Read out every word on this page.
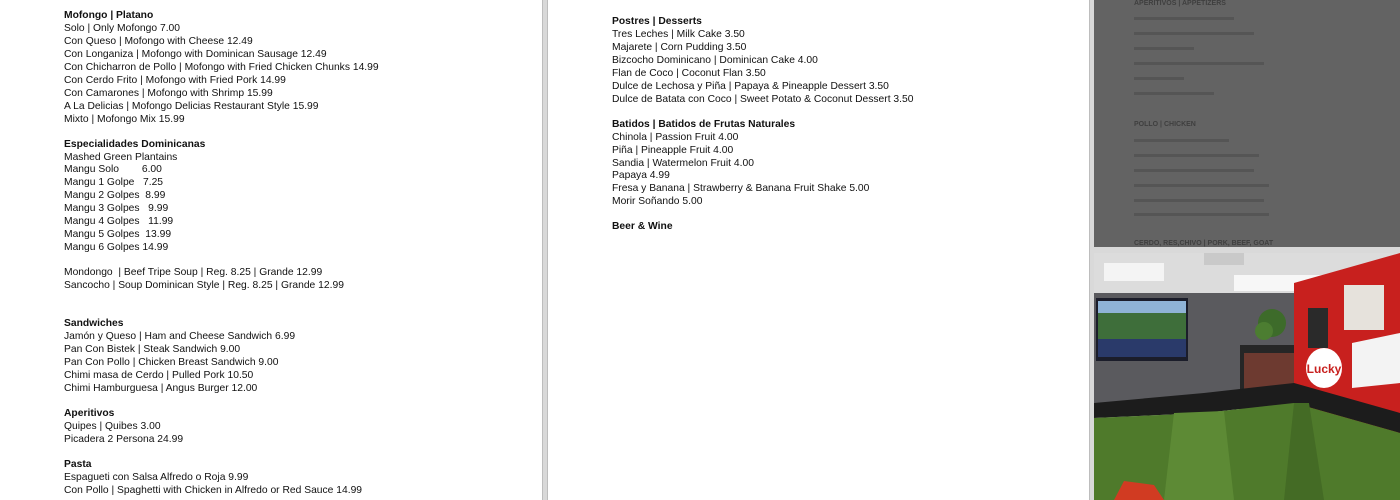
Mofongo | Platano
Solo | Only Mofongo 7.00
Con Queso | Mofongo with Cheese 12.49
Con Longaniza | Mofongo with Dominican Sausage 12.49
Con Chicharron de Pollo | Mofongo with Fried Chicken Chunks 14.99
Con Cerdo Frito | Mofongo with Fried Pork 14.99
Con Camarones | Mofongo with Shrimp 15.99
A La Delicias | Mofongo Delicias Restaurant Style 15.99
Mixto | Mofongo Mix 15.99
Especialidades Dominicanas
Mashed Green Plantains
Mangu Solo        6.00
Mangu 1 Golpe   7.25
Mangu 2 Golpes  8.99
Mangu 3 Golpes   9.99
Mangu 4 Golpes   11.99
Mangu 5 Golpes  13.99
Mangu 6 Golpes 14.99
Mondongo  | Beef Tripe Soup | Reg. 8.25 | Grande 12.99
Sancocho | Soup Dominican Style | Reg. 8.25 | Grande 12.99
Sandwiches
Jamón y Queso | Ham and Cheese Sandwich 6.99
Pan Con Bistek | Steak Sandwich 9.00
Pan Con Pollo | Chicken Breast Sandwich 9.00
Chimi masa de Cerdo | Pulled Pork 10.50
Chimi Hamburguesa | Angus Burger 12.00
Aperitivos
Quipes | Quibes 3.00
Picadera 2 Persona 24.99
Pasta
Espagueti con Salsa Alfredo o Roja 9.99
Con Pollo | Spaghetti with Chicken in Alfredo or Red Sauce 14.99
Postres | Desserts
Tres Leches | Milk Cake 3.50
Majarete | Corn Pudding 3.50
Bizcocho Dominicano | Dominican Cake 4.00
Flan de Coco | Coconut Flan 3.50
Dulce de Lechosa y Piña | Papaya & Pineapple Dessert 3.50
Dulce de Batata con Coco | Sweet Potato & Coconut Dessert 3.50
Batidos | Batidos de Frutas Naturales
Chinola | Passion Fruit 4.00
Piña | Pineapple Fruit 4.00
Sandia | Watermelon Fruit 4.00
Papaya 4.99
Fresa y Banana | Strawberry & Banana Fruit Shake 5.00
Morir Soñando 5.00
Beer & Wine
APERITIVOS | APPETIZERS
POLLO | CHICKEN
CERDO, RES,CHIVO | PORK, BEEF, GOAT
Lucky
